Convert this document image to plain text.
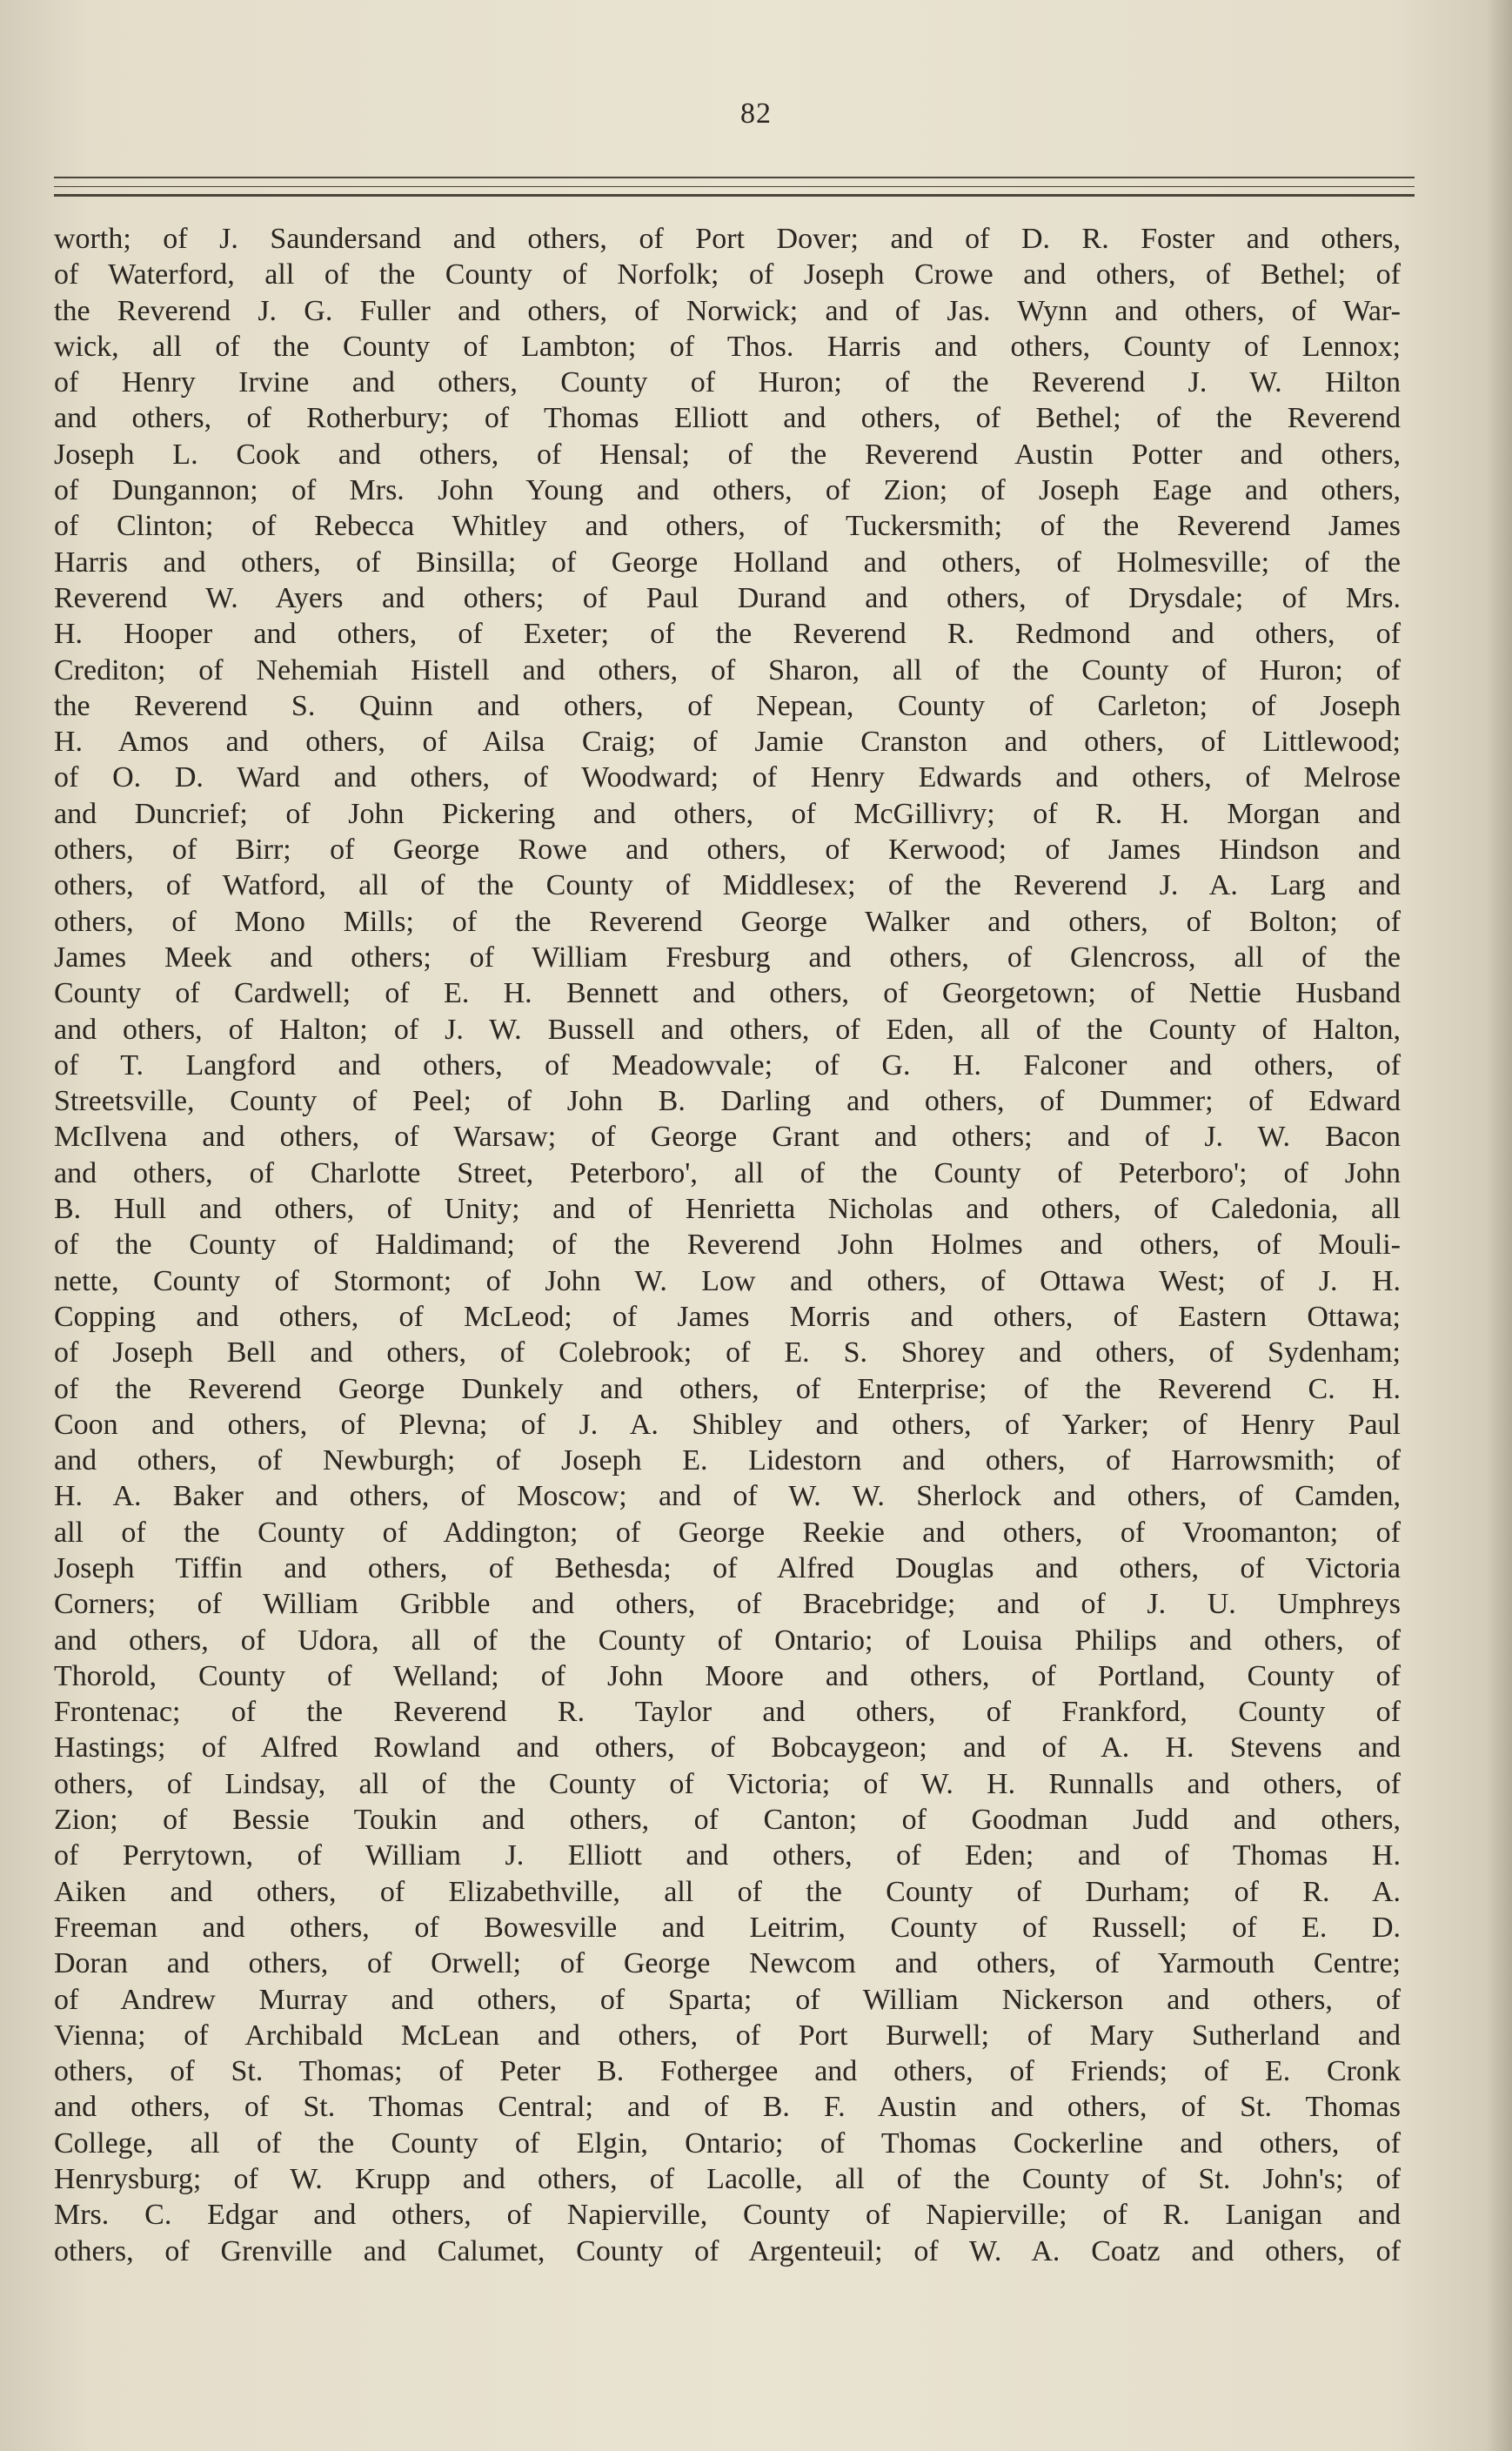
82
worth; of J. Saundersand and others, of Port Dover; and of D. R. Foster and others,
of Waterford, all of the County of Norfolk; of Joseph Crowe and others, of Bethel; of
the Reverend J. G. Fuller and others, of Norwick; and of Jas. Wynn and others, of War-
wick, all of the County of Lambton; of Thos. Harris and others, County of Lennox;
of Henry Irvine and others, County of Huron; of the Reverend J. W. Hilton
and others, of Rotherbury; of Thomas Elliott and others, of Bethel; of the Reverend
Joseph L. Cook and others, of Hensal; of the Reverend Austin Potter and others,
of Dungannon; of Mrs. John Young and others, of Zion; of Joseph Eage and others,
of Clinton; of Rebecca Whitley and others, of Tuckersmith; of the Reverend James
Harris and others, of Binsilla; of George Holland and others, of Holmesville; of the
Reverend W. Ayers and others; of Paul Durand and others, of Drysdale; of Mrs.
H. Hooper and others, of Exeter; of the Reverend R. Redmond and others, of
Crediton; of Nehemiah Histell and others, of Sharon, all of the County of Huron; of
the Reverend S. Quinn and others, of Nepean, County of Carleton; of Joseph
H. Amos and others, of Ailsa Craig; of Jamie Cranston and others, of Littlewood;
of O. D. Ward and others, of Woodward; of Henry Edwards and others, of Melrose
and Duncrief; of John Pickering and others, of McGillivry; of R. H. Morgan and
others, of Birr; of George Rowe and others, of Kerwood; of James Hindson and
others, of Watford, all of the County of Middlesex; of the Reverend J. A. Larg and
others, of Mono Mills; of the Reverend George Walker and others, of Bolton; of
James Meek and others; of William Fresburg and others, of Glencross, all of the
County of Cardwell; of E. H. Bennett and others, of Georgetown; of Nettie Husband
and others, of Halton; of J. W. Bussell and others, of Eden, all of the County of Halton,
of T. Langford and others, of Meadowvale; of G. H. Falconer and others, of
Streetsville, County of Peel; of John B. Darling and others, of Dummer; of Edward
McIlvena and others, of Warsaw; of George Grant and others; and of J. W. Bacon
and others, of Charlotte Street, Peterboro', all of the County of Peterboro'; of John
B. Hull and others, of Unity; and of Henrietta Nicholas and others, of Caledonia, all
of the County of Haldimand; of the Reverend John Holmes and others, of Mouli-
nette, County of Stormont; of John W. Low and others, of Ottawa West; of J. H.
Copping and others, of McLeod; of James Morris and others, of Eastern Ottawa;
of Joseph Bell and others, of Colebrook; of E. S. Shorey and others, of Sydenham;
of the Reverend George Dunkely and others, of Enterprise; of the Reverend C. H.
Coon and others, of Plevna; of J. A. Shibley and others, of Yarker; of Henry Paul
and others, of Newburgh; of Joseph E. Lidestorn and others, of Harrowsmith; of
H. A. Baker and others, of Moscow; and of W. W. Sherlock and others, of Camden,
all of the County of Addington; of George Reekie and others, of Vroomanton; of
Joseph Tiffin and others, of Bethesda; of Alfred Douglas and others, of Victoria
Corners; of William Gribble and others, of Bracebridge; and of J. U. Umphreys
and others, of Udora, all of the County of Ontario; of Louisa Philips and others, of
Thorold, County of Welland; of John Moore and others, of Portland, County of
Frontenac; of the Reverend R. Taylor and others, of Frankford, County of
Hastings; of Alfred Rowland and others, of Bobcaygeon; and of A. H. Stevens and
others, of Lindsay, all of the County of Victoria; of W. H. Runnalls and others, of
Zion; of Bessie Toukin and others, of Canton; of Goodman Judd and others,
of Perrytown, of William J. Elliott and others, of Eden; and of Thomas H.
Aiken and others, of Elizabethville, all of the County of Durham; of R. A.
Freeman and others, of Bowesville and Leitrim, County of Russell; of E. D.
Doran and others, of Orwell; of George Newcom and others, of Yarmouth Centre;
of Andrew Murray and others, of Sparta; of William Nickerson and others, of
Vienna; of Archibald McLean and others, of Port Burwell; of Mary Sutherland and
others, of St. Thomas; of Peter B. Fothergee and others, of Friends; of E. Cronk
and others, of St. Thomas Central; and of B. F. Austin and others, of St. Thomas
College, all of the County of Elgin, Ontario; of Thomas Cockerline and others, of
Henrysburg; of W. Krupp and others, of Lacolle, all of the County of St. John's; of
Mrs. C. Edgar and others, of Napierville, County of Napierville; of R. Lanigan and
others, of Grenville and Calumet, County of Argenteuil; of W. A. Coatz and others, of
